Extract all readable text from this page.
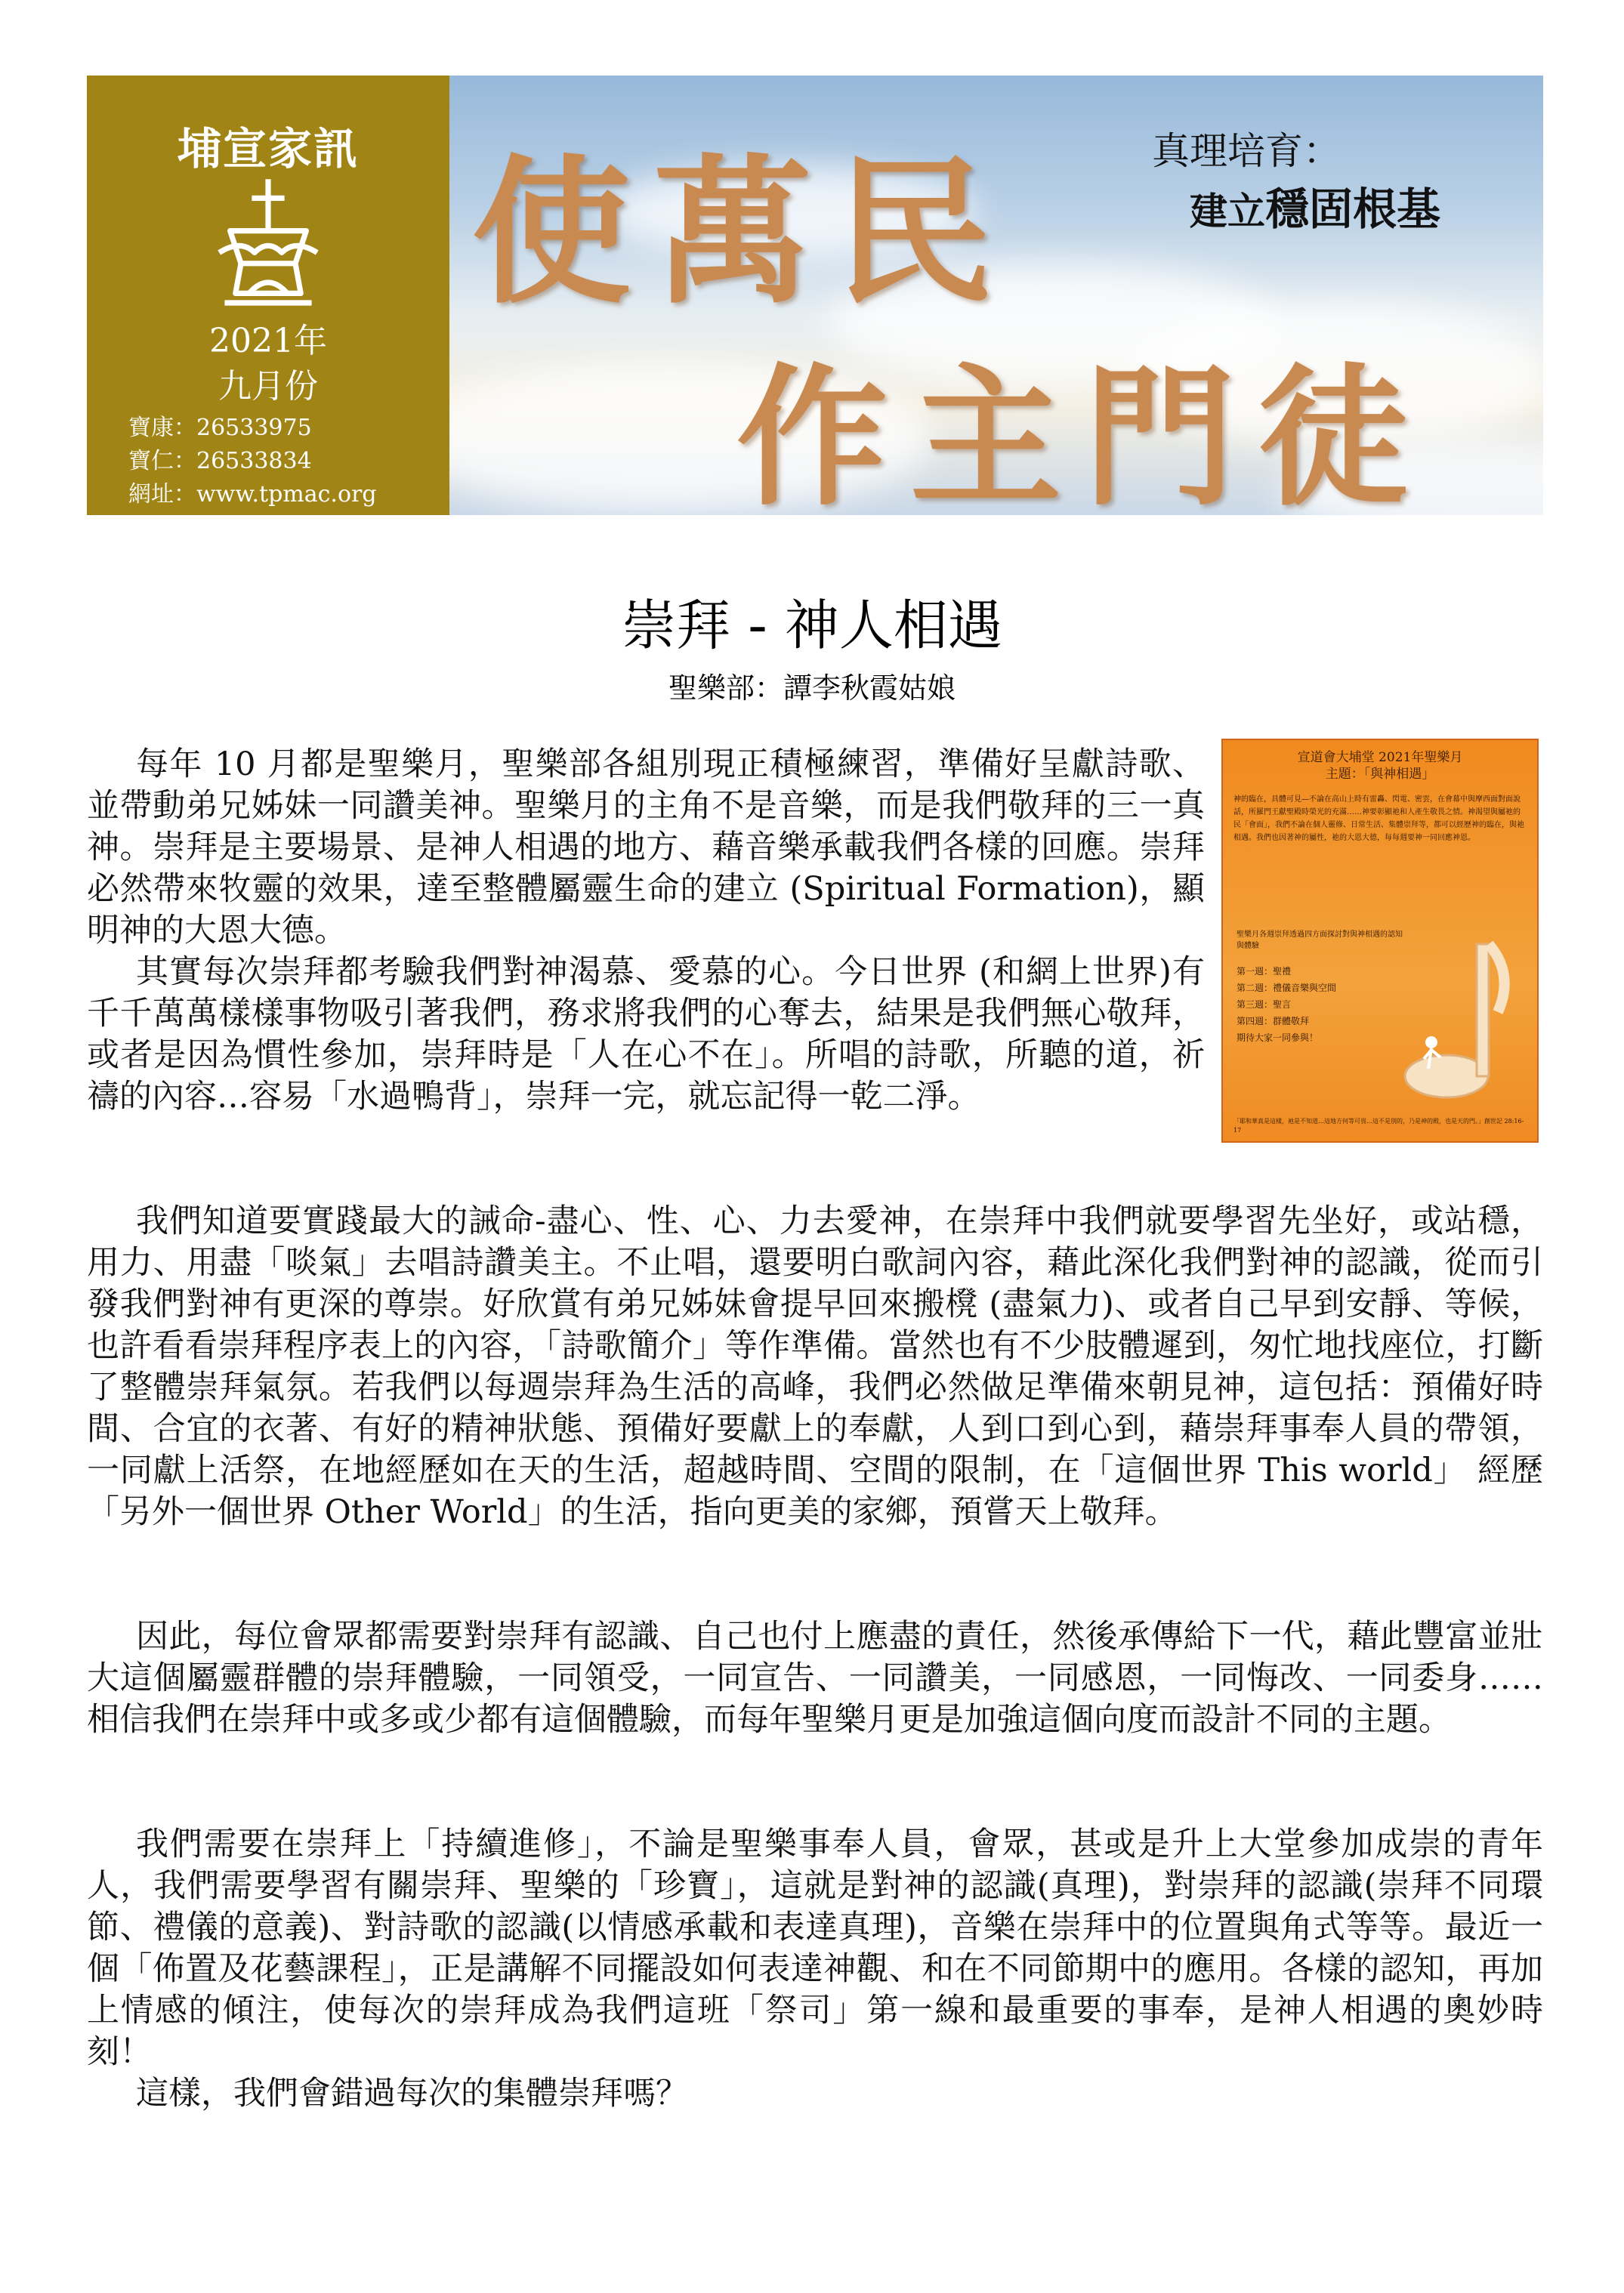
埔宣家訊
2021年
九月份
寶康：26533975
寶仁：26533834
網址：www.tpmac.org
使萬民
作主門徒
真理培育：
建立穩固根基
崇拜 - 神人相遇
聖樂部：譚李秋霞姑娘
宣道會大埔堂 2021年聖樂月
主題：「與神相遇」
神的臨在，具體可見—不論在高山上時有雷轟、閃電、密雲，在會幕中與摩西面對面說話，所羅門王獻聖殿時榮光的充滿……神要彰顯祂和人產生敬畏之情。神渴望與屬祂的民「會面」，我們不論在個人靈修、日常生活、集體崇拜等，都可以經歷神的臨在，與祂相遇。我們也因著神的屬性，祂的大恩大德，每每週要神一同回應神恩。
聖樂月各週崇拜透過四方面探討對與神相遇的認知與體驗
第一週：聖禮
第二週：禮儀音樂與空間
第三週：聖言
第四週：群體敬拜
期待大家一同參與！
「耶和華真是這樣，祂是不知道…這地方何等可畏…這不是別的，乃是神的殿，也是天的門。」創世記 28:16-17

每年 10 月都是聖樂月，聖樂部各組別現正積極練習，準備好呈獻詩歌、並帶動弟兄姊妹一同讚美神。聖樂月的主角不是音樂，而是我們敬拜的三一真神。崇拜是主要場景、是神人相遇的地方、藉音樂承載我們各樣的回應。崇拜必然帶來牧靈的效果，達至整體屬靈生命的建立 (Spiritual Formation)，顯明神的大恩大德。

其實每次崇拜都考驗我們對神渴慕、愛慕的心。今日世界 (和網上世界)有千千萬萬樣樣事物吸引著我們，務求將我們的心奪去，結果是我們無心敬拜，或者是因為慣性參加，崇拜時是「人在心不在」。所唱的詩歌，所聽的道，祈禱的內容…容易「水過鴨背」，崇拜一完，就忘記得一乾二淨。

我們知道要實踐最大的誡命-盡心、性、心、力去愛神，在崇拜中我們就要學習先坐好，或站穩，用力、用盡「啖氣」去唱詩讚美主。不止唱，還要明白歌詞內容，藉此深化我們對神的認識，從而引發我們對神有更深的尊崇。好欣賞有弟兄姊妹會提早回來搬櫈 (盡氣力)、或者自己早到安靜、等候，也許看看崇拜程序表上的內容，「詩歌簡介」等作準備。當然也有不少肢體遲到，匆忙地找座位，打斷了整體崇拜氣氛。若我們以每週崇拜為生活的高峰，我們必然做足準備來朝見神，這包括：預備好時間、合宜的衣著、有好的精神狀態、預備好要獻上的奉獻，人到口到心到，藉崇拜事奉人員的帶領，一同獻上活祭，在地經歷如在天的生活，超越時間、空間的限制，在「這個世界 This world」 經歷 「另外一個世界 Other World」的生活，指向更美的家鄉，預嘗天上敬拜。

因此，每位會眾都需要對崇拜有認識、自己也付上應盡的責任，然後承傳給下一代，藉此豐富並壯大這個屬靈群體的崇拜體驗，一同領受，一同宣告、一同讚美，一同感恩，一同悔改、一同委身……相信我們在崇拜中或多或少都有這個體驗，而每年聖樂月更是加強這個向度而設計不同的主題。

我們需要在崇拜上「持續進修」，不論是聖樂事奉人員，會眾，甚或是升上大堂參加成崇的青年人，我們需要學習有關崇拜、聖樂的「珍寶」，這就是對神的認識(真理)，對崇拜的認識(崇拜不同環節、禮儀的意義)、對詩歌的認識(以情感承載和表達真理)，音樂在崇拜中的位置與角式等等。最近一個「佈置及花藝課程」，正是講解不同擺設如何表達神觀、和在不同節期中的應用。各樣的認知，再加上情感的傾注，使每次的崇拜成為我們這班「祭司」第一線和最重要的事奉，是神人相遇的奧妙時刻！

這樣，我們會錯過每次的集體崇拜嗎？
